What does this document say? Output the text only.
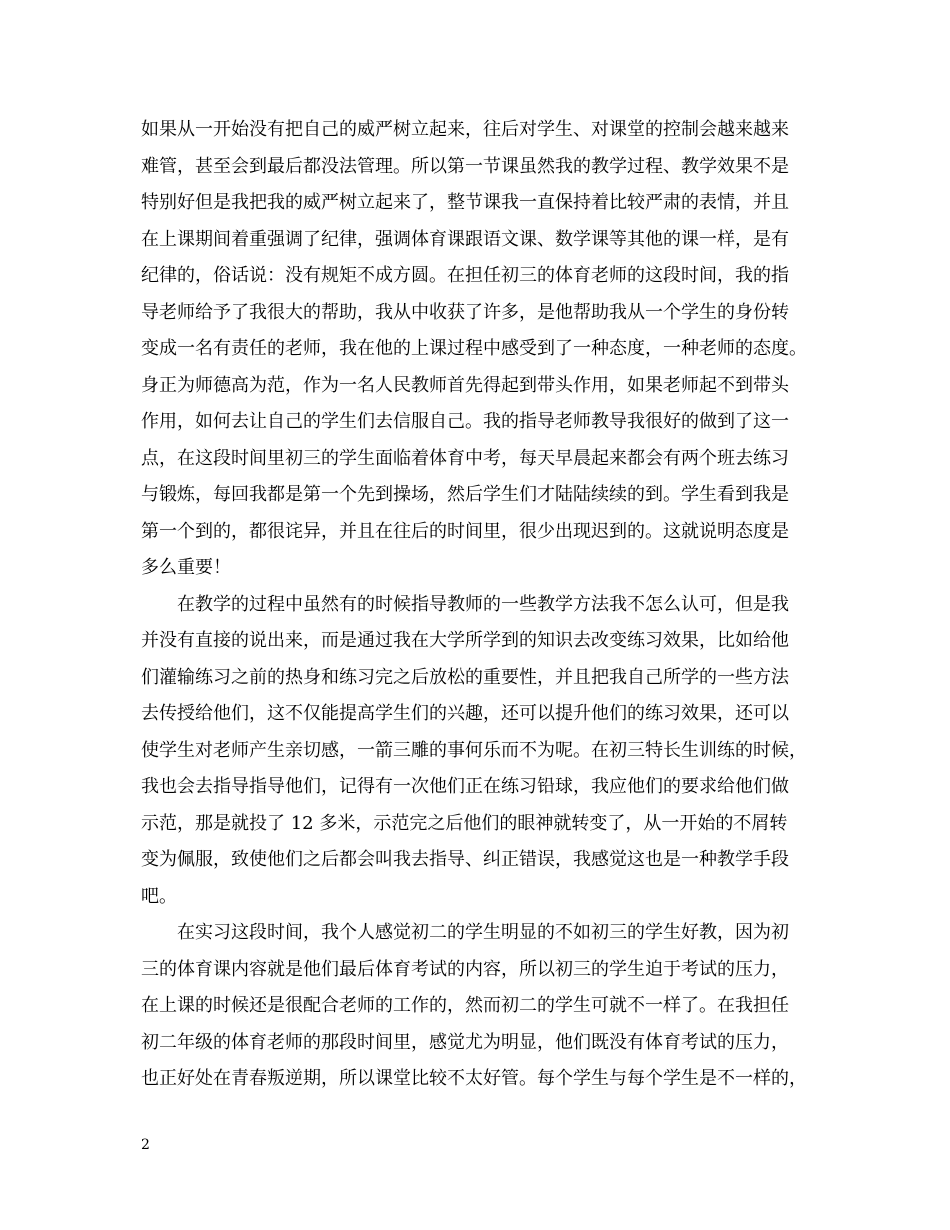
如果从一开始没有把自己的威严树立起来，往后对学生、对课堂的控制会越来越来
难管，甚至会到最后都没法管理。所以第一节课虽然我的教学过程、教学效果不是
特别好但是我把我的威严树立起来了，整节课我一直保持着比较严肃的表情，并且
在上课期间着重强调了纪律，强调体育课跟语文课、数学课等其他的课一样，是有
纪律的，俗话说：没有规矩不成方圆。在担任初三的体育老师的这段时间，我的指
导老师给予了我很大的帮助，我从中收获了许多，是他帮助我从一个学生的身份转
变成一名有责任的老师，我在他的上课过程中感受到了一种态度，一种老师的态度。
身正为师德高为范，作为一名人民教师首先得起到带头作用，如果老师起不到带头
作用，如何去让自己的学生们去信服自己。我的指导老师教导我很好的做到了这一
点，在这段时间里初三的学生面临着体育中考，每天早晨起来都会有两个班去练习
与锻炼，每回我都是第一个先到操场，然后学生们才陆陆续续的到。学生看到我是
第一个到的，都很诧异，并且在往后的时间里，很少出现迟到的。这就说明态度是
多么重要！
在教学的过程中虽然有的时候指导教师的一些教学方法我不怎么认可，但是我
并没有直接的说出来，而是通过我在大学所学到的知识去改变练习效果，比如给他
们灌输练习之前的热身和练习完之后放松的重要性，并且把我自己所学的一些方法
去传授给他们，这不仅能提高学生们的兴趣，还可以提升他们的练习效果，还可以
使学生对老师产生亲切感，一箭三雕的事何乐而不为呢。在初三特长生训练的时候，
我也会去指导指导他们，记得有一次他们正在练习铅球，我应他们的要求给他们做
示范，那是就投了 12 多米，示范完之后他们的眼神就转变了，从一开始的不屑转
变为佩服，致使他们之后都会叫我去指导、纠正错误，我感觉这也是一种教学手段
吧。
在实习这段时间，我个人感觉初二的学生明显的不如初三的学生好教，因为初
三的体育课内容就是他们最后体育考试的内容，所以初三的学生迫于考试的压力，
在上课的时候还是很配合老师的工作的，然而初二的学生可就不一样了。在我担任
初二年级的体育老师的那段时间里，感觉尤为明显，他们既没有体育考试的压力，
也正好处在青春叛逆期，所以课堂比较不太好管。每个学生与每个学生是不一样的，
2
